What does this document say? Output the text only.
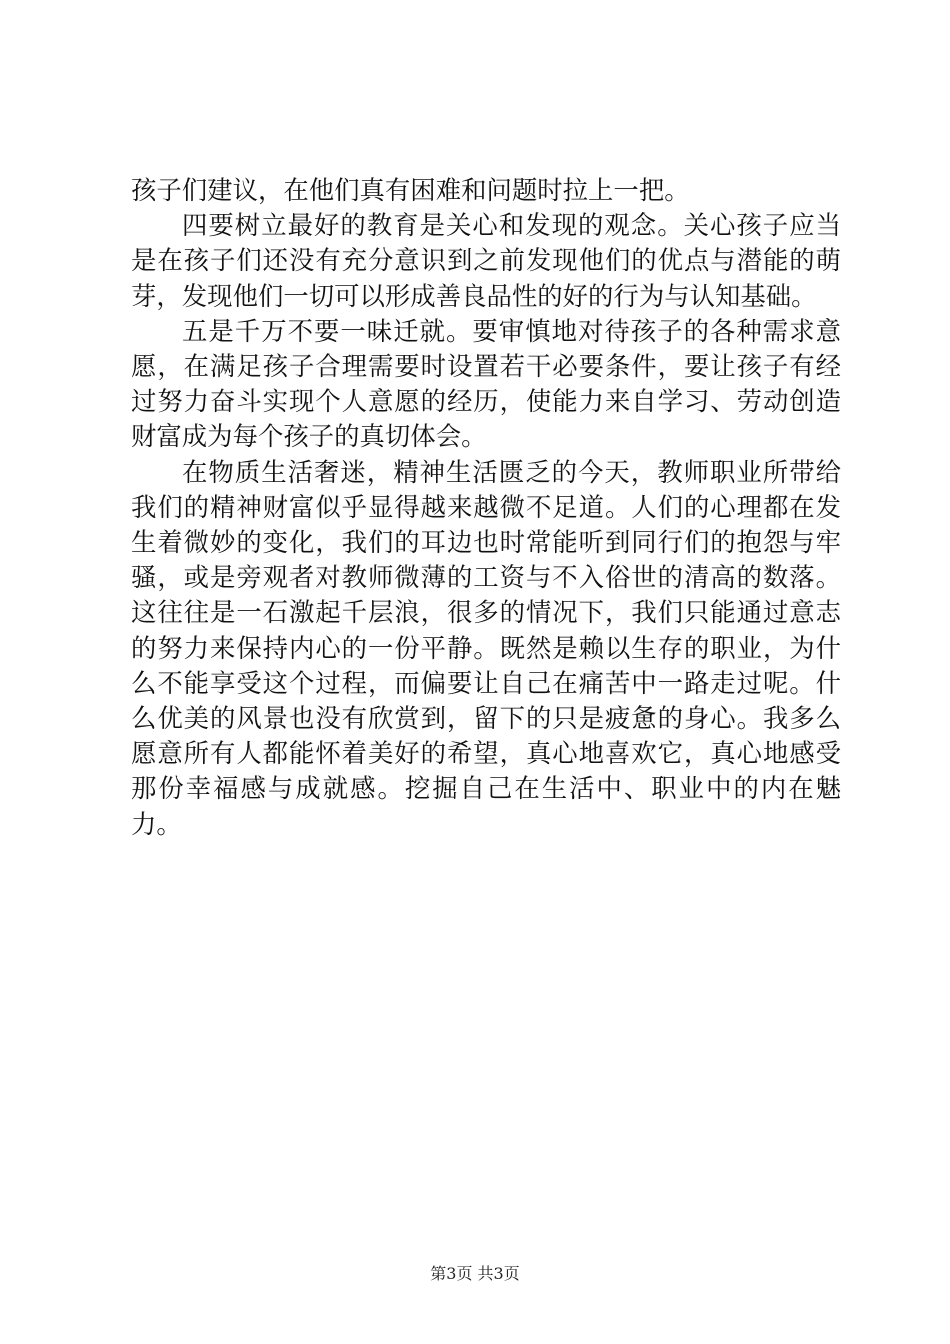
孩子们建议，在他们真有困难和问题时拉上一把。

四要树立最好的教育是关心和发现的观念。关心孩子应当是在孩子们还没有充分意识到之前发现他们的优点与潜能的萌芽，发现他们一切可以形成善良品性的好的行为与认知基础。

五是千万不要一味迁就。要审慎地对待孩子的各种需求意愿，在满足孩子合理需要时设置若干必要条件，要让孩子有经过努力奋斗实现个人意愿的经历，使能力来自学习、劳动创造财富成为每个孩子的真切体会。

在物质生活奢迷，精神生活匮乏的今天，教师职业所带给我们的精神财富似乎显得越来越微不足道。人们的心理都在发生着微妙的变化，我们的耳边也时常能听到同行们的抱怨与牢骚，或是旁观者对教师微薄的工资与不入俗世的清高的数落。这往往是一石激起千层浪，很多的情况下，我们只能通过意志的努力来保持内心的一份平静。既然是赖以生存的职业，为什么不能享受这个过程，而偏要让自己在痛苦中一路走过呢。什么优美的风景也没有欣赏到，留下的只是疲惫的身心。我多么愿意所有人都能怀着美好的希望，真心地喜欢它，真心地感受那份幸福感与成就感。挖掘自己在生活中、职业中的内在魅力。

第3页 共3页
